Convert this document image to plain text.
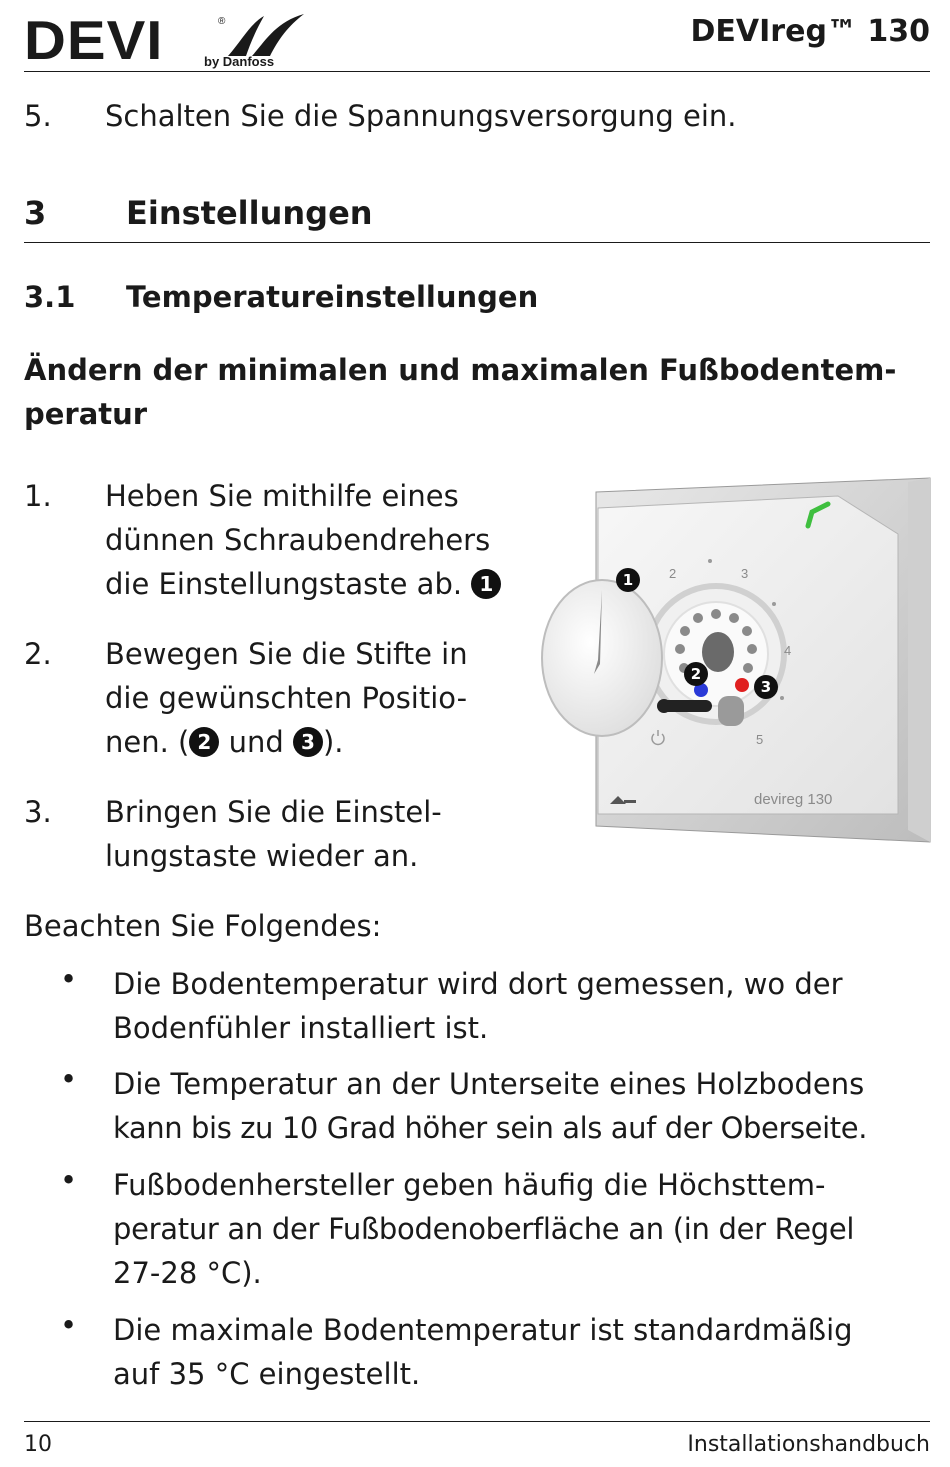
DEVI	®
by Danfoss
DEVIreg™ 130
5. Schalten Sie die Spannungsversorgung ein.
3 Einstellungen
3.1 Temperatureinstellungen
Ändern der minimalen und maximalen Fußbodentem-
peratur
1. Heben Sie mithilfe eines
dünnen Schraubendrehers
die Einstellungstaste ab. 1
2. Bewegen Sie die Stifte in
die gewünschten Positio-
nen. ( 2 und 3 ).
3. Bringen Sie die Einstel-
lungstaste wieder an.
2	3
4
5
devireg 130
1
2
3
Beachten Sie Folgendes:
• Die Bodentemperatur wird dort gemessen, wo der
Bodenfühler installiert ist.
• Die Temperatur an der Unterseite eines Holzbodens
kann bis zu 10 Grad höher sein als auf der Oberseite.
• Fußbodenhersteller geben häufig die Höchsttem-
peratur an der Fußbodenoberfläche an (in der Regel
27-28 °C).
• Die maximale Bodentemperatur ist standardmäßig
auf 35 °C eingestellt.
10	Installationshandbuch
